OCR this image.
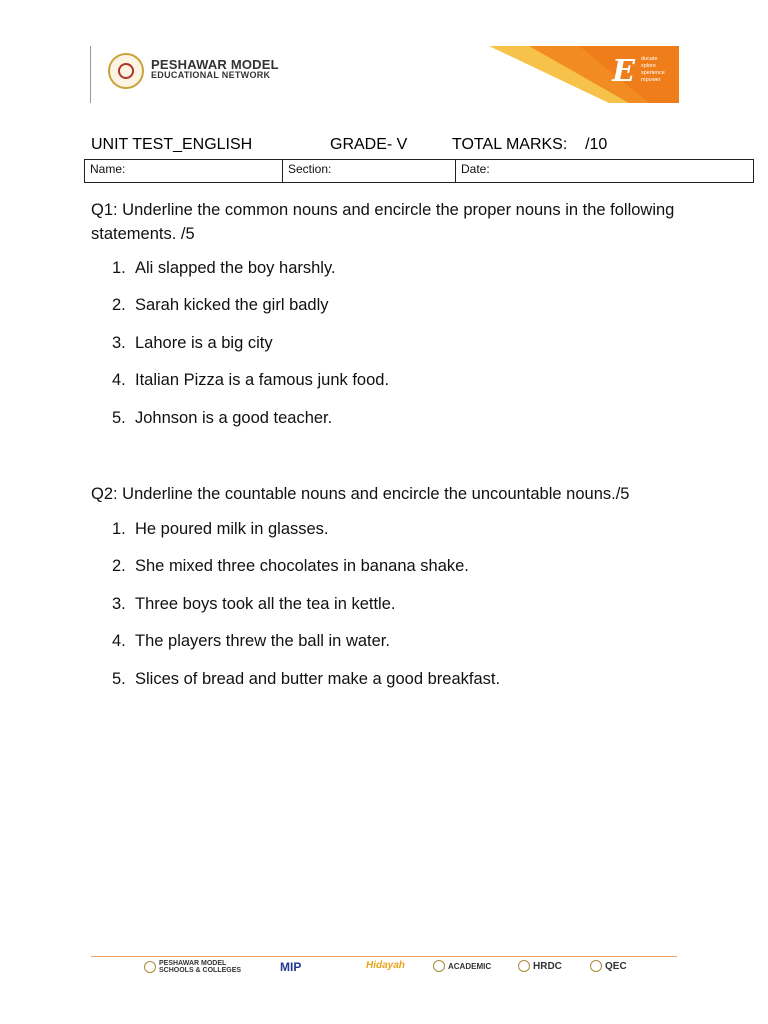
PESHAWAR MODEL
EDUCATIONAL NETWORK	E ducate
xplore
xperience
mpower
UNIT TEST_ENGLISH	GRADE- V	TOTAL MARKS:    /10
Name:	Section:	Date:
Q1: Underline the common nouns and encircle the proper nouns in the following statements. /5
1. Ali slapped the boy harshly.
2. Sarah kicked the girl badly
3. Lahore is a big city
4. Italian Pizza is a famous junk food.
5. Johnson is a good teacher.
Q2: Underline the countable nouns and encircle the uncountable nouns./5
1. He poured milk in glasses.
2. She mixed three chocolates in banana shake.
3. Three boys took all the tea in kettle.
4. The players threw the ball in water.
5. Slices of bread and butter make a good breakfast.
PESHAWAR MODEL SCHOOLS & COLLEGES	MIP	Hidayah	ACADEMIC	HRDC	QEC
